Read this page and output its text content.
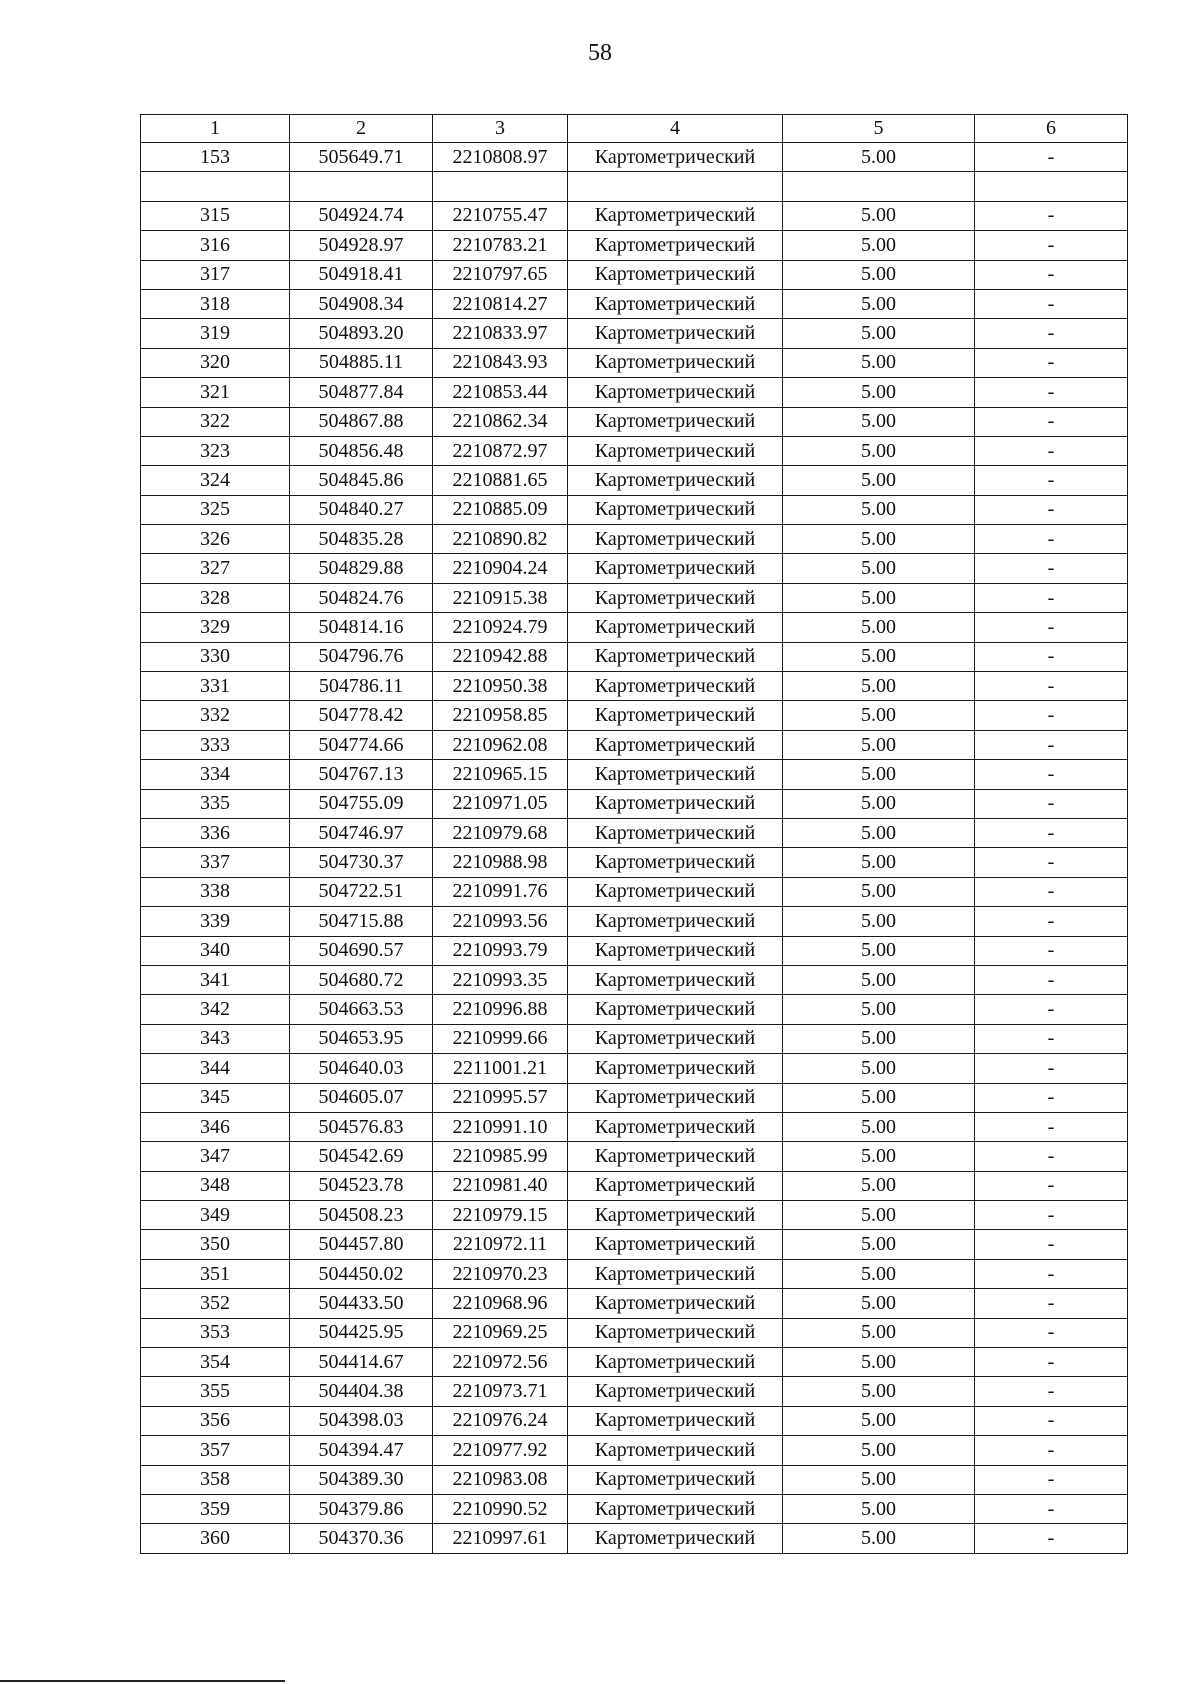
58
1	2	3	4	5	6
153	505649.71	2210808.97	Картометрический	5.00	-

315	504924.74	2210755.47	Картометрический	5.00	-
316	504928.97	2210783.21	Картометрический	5.00	-
317	504918.41	2210797.65	Картометрический	5.00	-
318	504908.34	2210814.27	Картометрический	5.00	-
319	504893.20	2210833.97	Картометрический	5.00	-
320	504885.11	2210843.93	Картометрический	5.00	-
321	504877.84	2210853.44	Картометрический	5.00	-
322	504867.88	2210862.34	Картометрический	5.00	-
323	504856.48	2210872.97	Картометрический	5.00	-
324	504845.86	2210881.65	Картометрический	5.00	-
325	504840.27	2210885.09	Картометрический	5.00	-
326	504835.28	2210890.82	Картометрический	5.00	-
327	504829.88	2210904.24	Картометрический	5.00	-
328	504824.76	2210915.38	Картометрический	5.00	-
329	504814.16	2210924.79	Картометрический	5.00	-
330	504796.76	2210942.88	Картометрический	5.00	-
331	504786.11	2210950.38	Картометрический	5.00	-
332	504778.42	2210958.85	Картометрический	5.00	-
333	504774.66	2210962.08	Картометрический	5.00	-
334	504767.13	2210965.15	Картометрический	5.00	-
335	504755.09	2210971.05	Картометрический	5.00	-
336	504746.97	2210979.68	Картометрический	5.00	-
337	504730.37	2210988.98	Картометрический	5.00	-
338	504722.51	2210991.76	Картометрический	5.00	-
339	504715.88	2210993.56	Картометрический	5.00	-
340	504690.57	2210993.79	Картометрический	5.00	-
341	504680.72	2210993.35	Картометрический	5.00	-
342	504663.53	2210996.88	Картометрический	5.00	-
343	504653.95	2210999.66	Картометрический	5.00	-
344	504640.03	2211001.21	Картометрический	5.00	-
345	504605.07	2210995.57	Картометрический	5.00	-
346	504576.83	2210991.10	Картометрический	5.00	-
347	504542.69	2210985.99	Картометрический	5.00	-
348	504523.78	2210981.40	Картометрический	5.00	-
349	504508.23	2210979.15	Картометрический	5.00	-
350	504457.80	2210972.11	Картометрический	5.00	-
351	504450.02	2210970.23	Картометрический	5.00	-
352	504433.50	2210968.96	Картометрический	5.00	-
353	504425.95	2210969.25	Картометрический	5.00	-
354	504414.67	2210972.56	Картометрический	5.00	-
355	504404.38	2210973.71	Картометрический	5.00	-
356	504398.03	2210976.24	Картометрический	5.00	-
357	504394.47	2210977.92	Картометрический	5.00	-
358	504389.30	2210983.08	Картометрический	5.00	-
359	504379.86	2210990.52	Картометрический	5.00	-
360	504370.36	2210997.61	Картометрический	5.00	-
